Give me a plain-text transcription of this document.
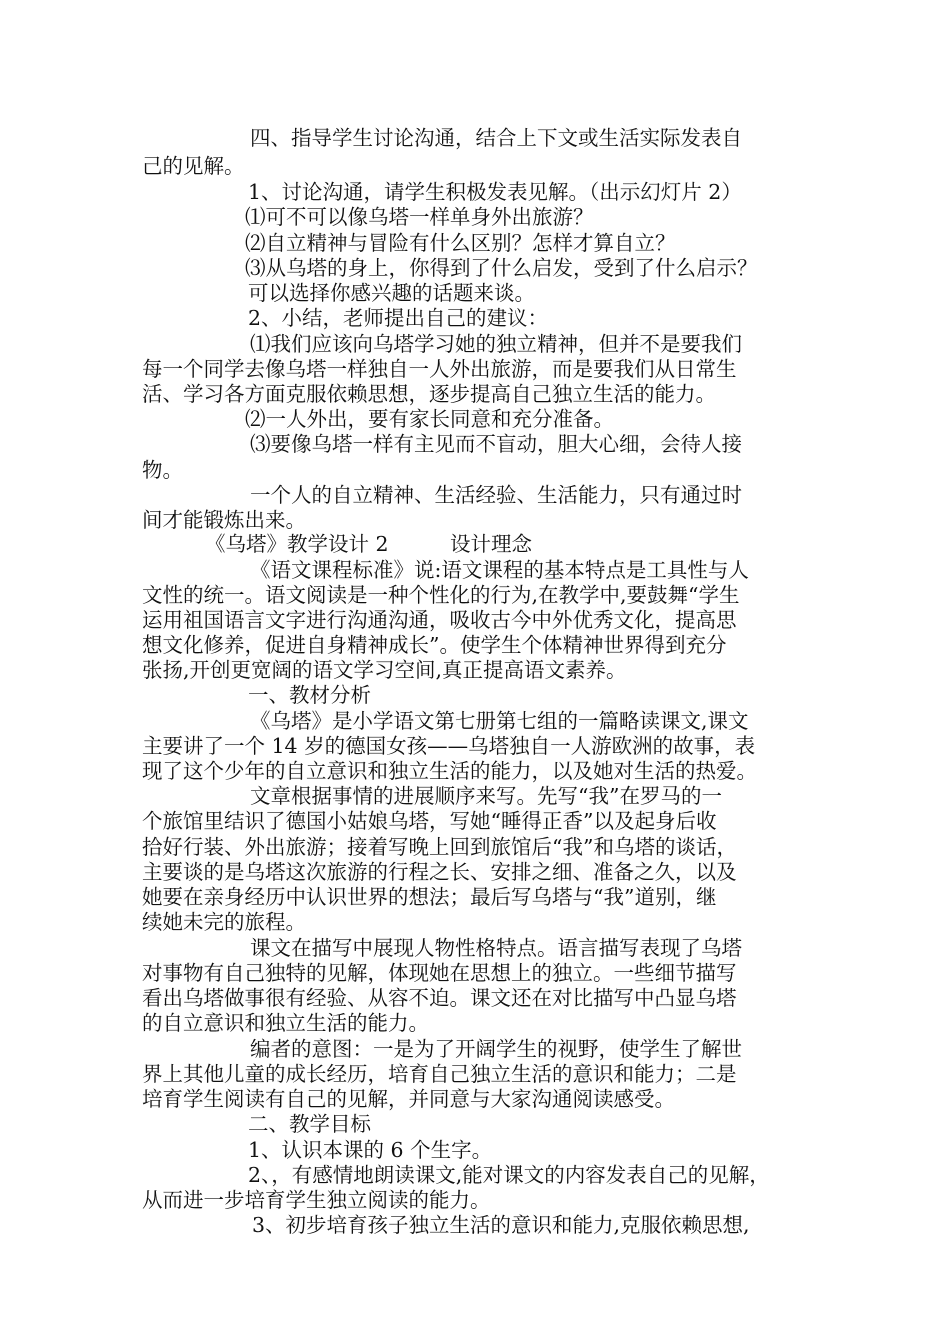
四、指导学生讨论沟通，结合上下文或生活实际发表自
己的见解。
1、讨论沟通，请学生积极发表见解。（出示幻灯片 2）
⑴可不可以像乌塔一样单身外出旅游？
⑵自立精神与冒险有什么区别？怎样才算自立？
⑶从乌塔的身上，你得到了什么启发，受到了什么启示？
可以选择你感兴趣的话题来谈。
2、小结，老师提出自己的建议：
⑴我们应该向乌塔学习她的独立精神，但并不是要我们
每一个同学去像乌塔一样独自一人外出旅游，而是要我们从日常生
活、学习各方面克服依赖思想，逐步提高自己独立生活的能力。
⑵一人外出，要有家长同意和充分准备。
⑶要像乌塔一样有主见而不盲动，胆大心细，会待人接
物。
一个人的自立精神、生活经验、生活能力，只有通过时
间才能锻炼出来。
《乌塔》教学设计 2　　　设计理念
《语文课程标准》说:语文课程的基本特点是工具性与人
文性的统一。语文阅读是一种个性化的行为,在教学中,要鼓舞“学生
运用祖国语言文字进行沟通沟通，吸收古今中外优秀文化，提高思
想文化修养，促进自身精神成长”。使学生个体精神世界得到充分
张扬,开创更宽阔的语文学习空间,真正提高语文素养。
一、教材分析
《乌塔》是小学语文第七册第七组的一篇略读课文,课文
主要讲了一个 14 岁的德国女孩——乌塔独自一人游欧洲的故事，表
现了这个少年的自立意识和独立生活的能力，以及她对生活的热爱。
文章根据事情的进展顺序来写。先写“我”在罗马的一
个旅馆里结识了德国小姑娘乌塔，写她“睡得正香”以及起身后收
拾好行装、外出旅游；接着写晚上回到旅馆后“我”和乌塔的谈话，
主要谈的是乌塔这次旅游的行程之长、安排之细、准备之久，以及
她要在亲身经历中认识世界的想法；最后写乌塔与“我”道别，继
续她未完的旅程。
课文在描写中展现人物性格特点。语言描写表现了乌塔
对事物有自己独特的见解，体现她在思想上的独立。一些细节描写
看出乌塔做事很有经验、从容不迫。课文还在对比描写中凸显乌塔
的自立意识和独立生活的能力。
编者的意图：一是为了开阔学生的视野，使学生了解世
界上其他儿童的成长经历，培育自己独立生活的意识和能力；二是
培育学生阅读有自己的见解，并同意与大家沟通阅读感受。
二、教学目标
1、认识本课的 6 个生字。
2、，有感情地朗读课文,能对课文的内容发表自己的见解，
从而进一步培育学生独立阅读的能力。
3、初步培育孩子独立生活的意识和能力,克服依赖思想,
